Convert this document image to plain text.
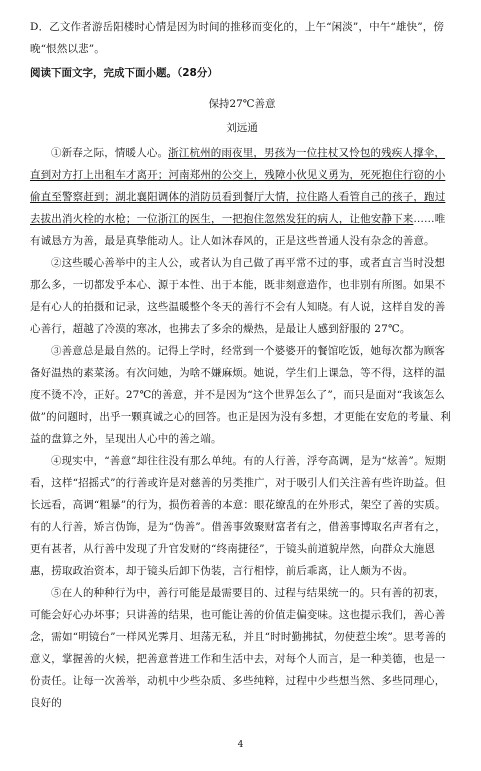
D．乙文作者游岳阳楼时心情是因为时间的推移而变化的，上午“闲淡”，中午“雄快”，傍晚“恨然以悲”。

阅读下面文字，完成下面小题。（28分）

保持27℃善意

刘远通

①新春之际，情暖人心。浙江杭州的雨夜里，男孩为一位拄杖又怜包的残疾人撑伞，直到对方打上出租车才离开；河南郑州的公交上，残障小伙见义勇为，死死抱住行窃的小偷直至警察赶到；湖北襄阳调体的消防员看到餐厅大情，拉住路人看管自己的孩子，跑过去拔出消火栓的水枪；一位浙江的医生，一把抱住忽然发狂的病人，让他安静下来……唯有诚恳方为善，最是真挚能动人。让人如沐春风的，正是这些普通人没有杂念的善意。

②这些暖心善举中的主人公，或者认为自己做了再平常不过的事，或者直言当时没想那么多，一切都发乎本心、源于本性、出于本能，既非刻意造作，也非别有所图。如果不是有心人的拍摄和记录，这些温暖整个冬天的善行不会有人知晓。有人说，这样自发的善心善行，超越了冷漠的寒冰，也拂去了多余的燥热，是最让人感到舒服的 27℃。

③善意总是最自然的。记得上学时，经常到一个婆婆开的餐馆吃饭，她每次都为顾客备好温热的素菜汤。有次问她，为啥不嫌麻烦。她说，学生们上课急，等不得，这样的温度不烫不冷，正好。27℃的善意，并不是因为“这个世界怎么了”，而只是面对“我该怎么做”的问题时，出乎一颗真诚之心的回答。也正是因为没有多想，才更能在安危的考量、利益的盘算之外，呈现出人心中的善之端。

④现实中，“善意”却往往没有那么单纯。有的人行善，浮夸高调，是为“炫善”。短期看，这样“招摇式”的行善或许是对慈善的另类推广，对于吸引人们关注善有些许助益。但长远看，高调“粗暴”的行为，损伤着善的本意：眼花缭乱的在外形式，架空了善的实质。有的人行善，矫言伪饰，是为“伪善”。借善事敛聚财富者有之，借善事博取名声者有之，更有甚者，从行善中发现了升官发财的“终南捷径”，于镜头前道貌岸然，向群众大施恩惠，捞取政治资本，却于镜头后卸下伪装，言行相悖，前后乖离，让人颇为不齿。

⑤在人的种种行为中，善行可能是最需要目的、过程与结果统一的。只有善的初衷，可能会好心办坏事；只讲善的结果，也可能让善的价值走偏变味。这也提示我们，善心善念，需如“明镜台”一样风光霁月、坦荡无私，并且“时时勤拂拭，勿使惹尘埃”。思考善的意义，掌握善的火候，把善意普进工作和生活中去，对每个人而言，是一种美德，也是一份责任。让每一次善举，动机中少些杂质、多些纯粹，过程中少些想当然、多些同理心，良好的

4
